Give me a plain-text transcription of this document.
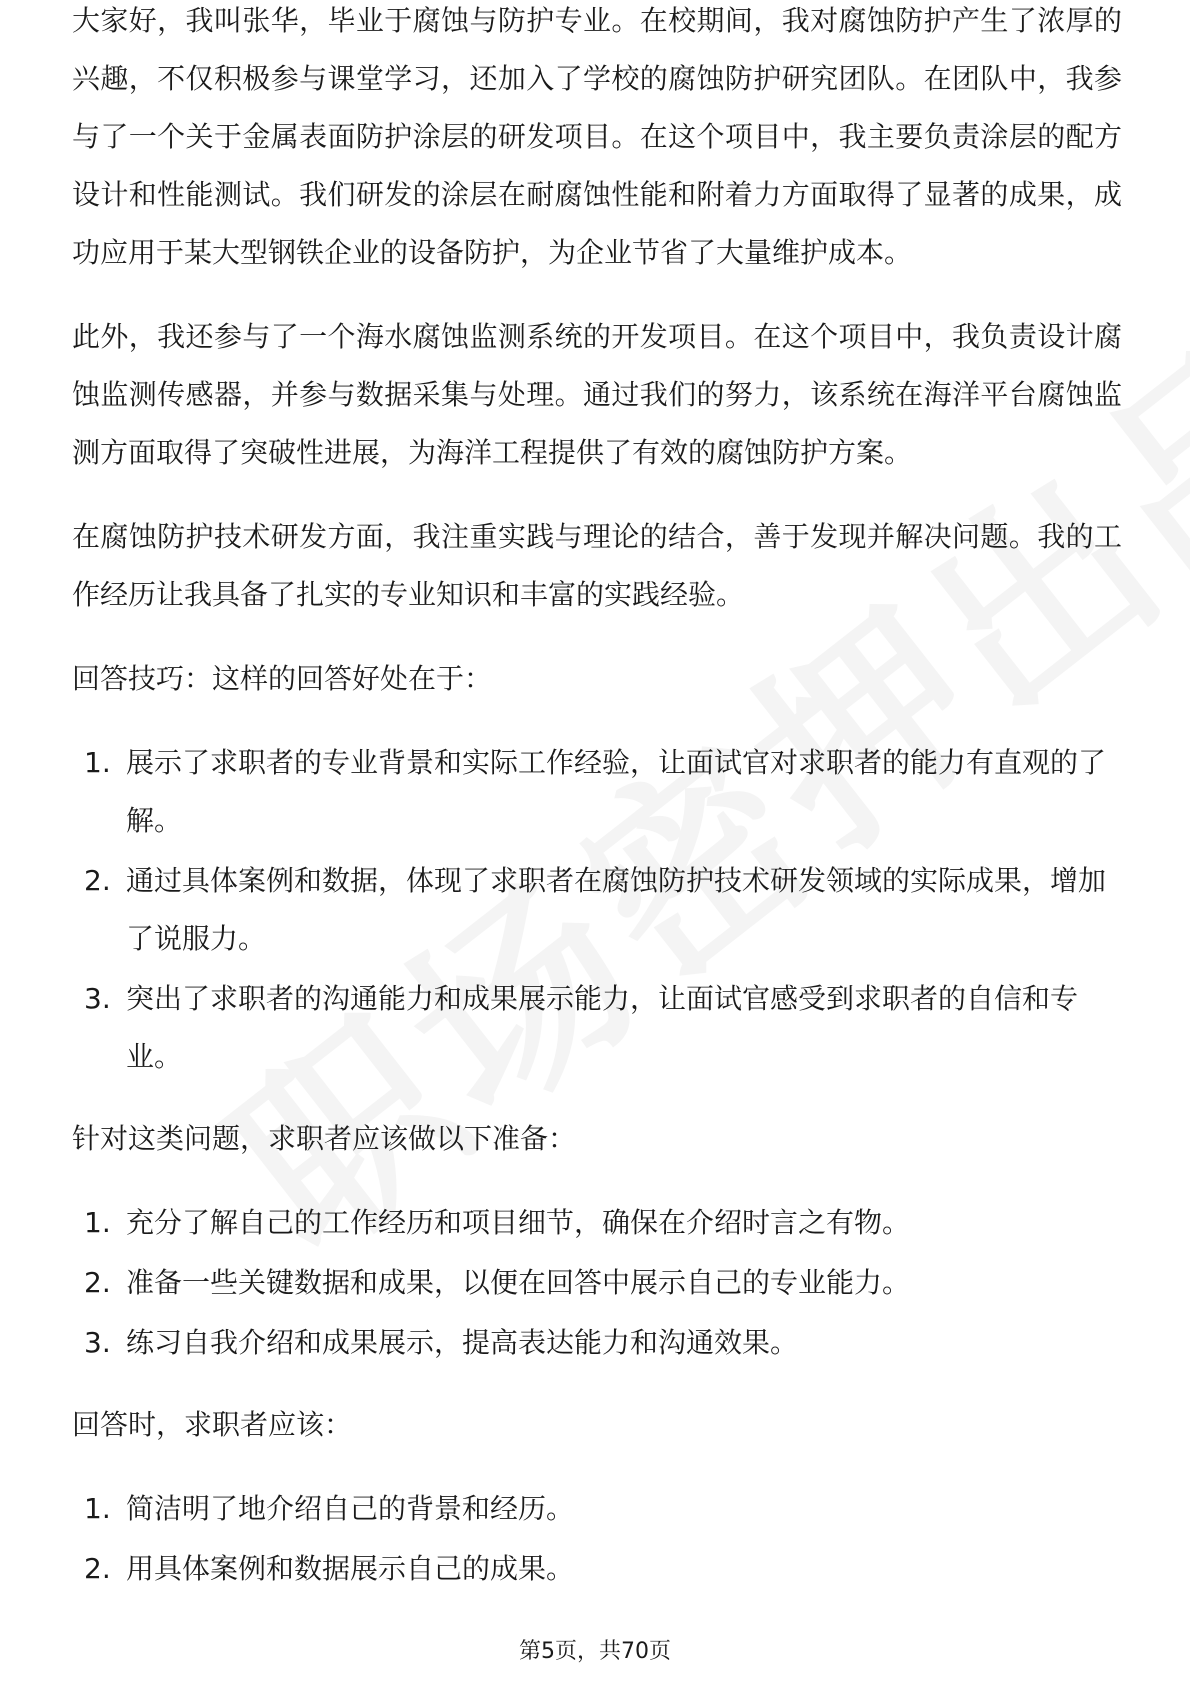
大家好，我叫张华，毕业于腐蚀与防护专业。在校期间，我对腐蚀防护产生了浓厚的兴趣，不仅积极参与课堂学习，还加入了学校的腐蚀防护研究团队。在团队中，我参与了一个关于金属表面防护涂层的研发项目。在这个项目中，我主要负责涂层的配方设计和性能测试。我们研发的涂层在耐腐蚀性能和附着力方面取得了显著的成果，成功应用于某大型钢铁企业的设备防护，为企业节省了大量维护成本。

此外，我还参与了一个海水腐蚀监测系统的开发项目。在这个项目中，我负责设计腐蚀监测传感器，并参与数据采集与处理。通过我们的努力，该系统在海洋平台腐蚀监测方面取得了突破性进展，为海洋工程提供了有效的腐蚀防护方案。

在腐蚀防护技术研发方面，我注重实践与理论的结合，善于发现并解决问题。我的工作经历让我具备了扎实的专业知识和丰富的实践经验。

回答技巧：这样的回答好处在于：

1. 展示了求职者的专业背景和实际工作经验，让面试官对求职者的能力有直观的了解。
2. 通过具体案例和数据，体现了求职者在腐蚀防护技术研发领域的实际成果，增加了说服力。
3. 突出了求职者的沟通能力和成果展示能力，让面试官感受到求职者的自信和专业。

针对这类问题，求职者应该做以下准备：

1. 充分了解自己的工作经历和项目细节，确保在介绍时言之有物。
2. 准备一些关键数据和成果，以便在回答中展示自己的专业能力。
3. 练习自我介绍和成果展示，提高表达能力和沟通效果。

回答时，求职者应该：

1. 简洁明了地介绍自己的背景和经历。
2. 用具体案例和数据展示自己的成果。
第5页，共70页
